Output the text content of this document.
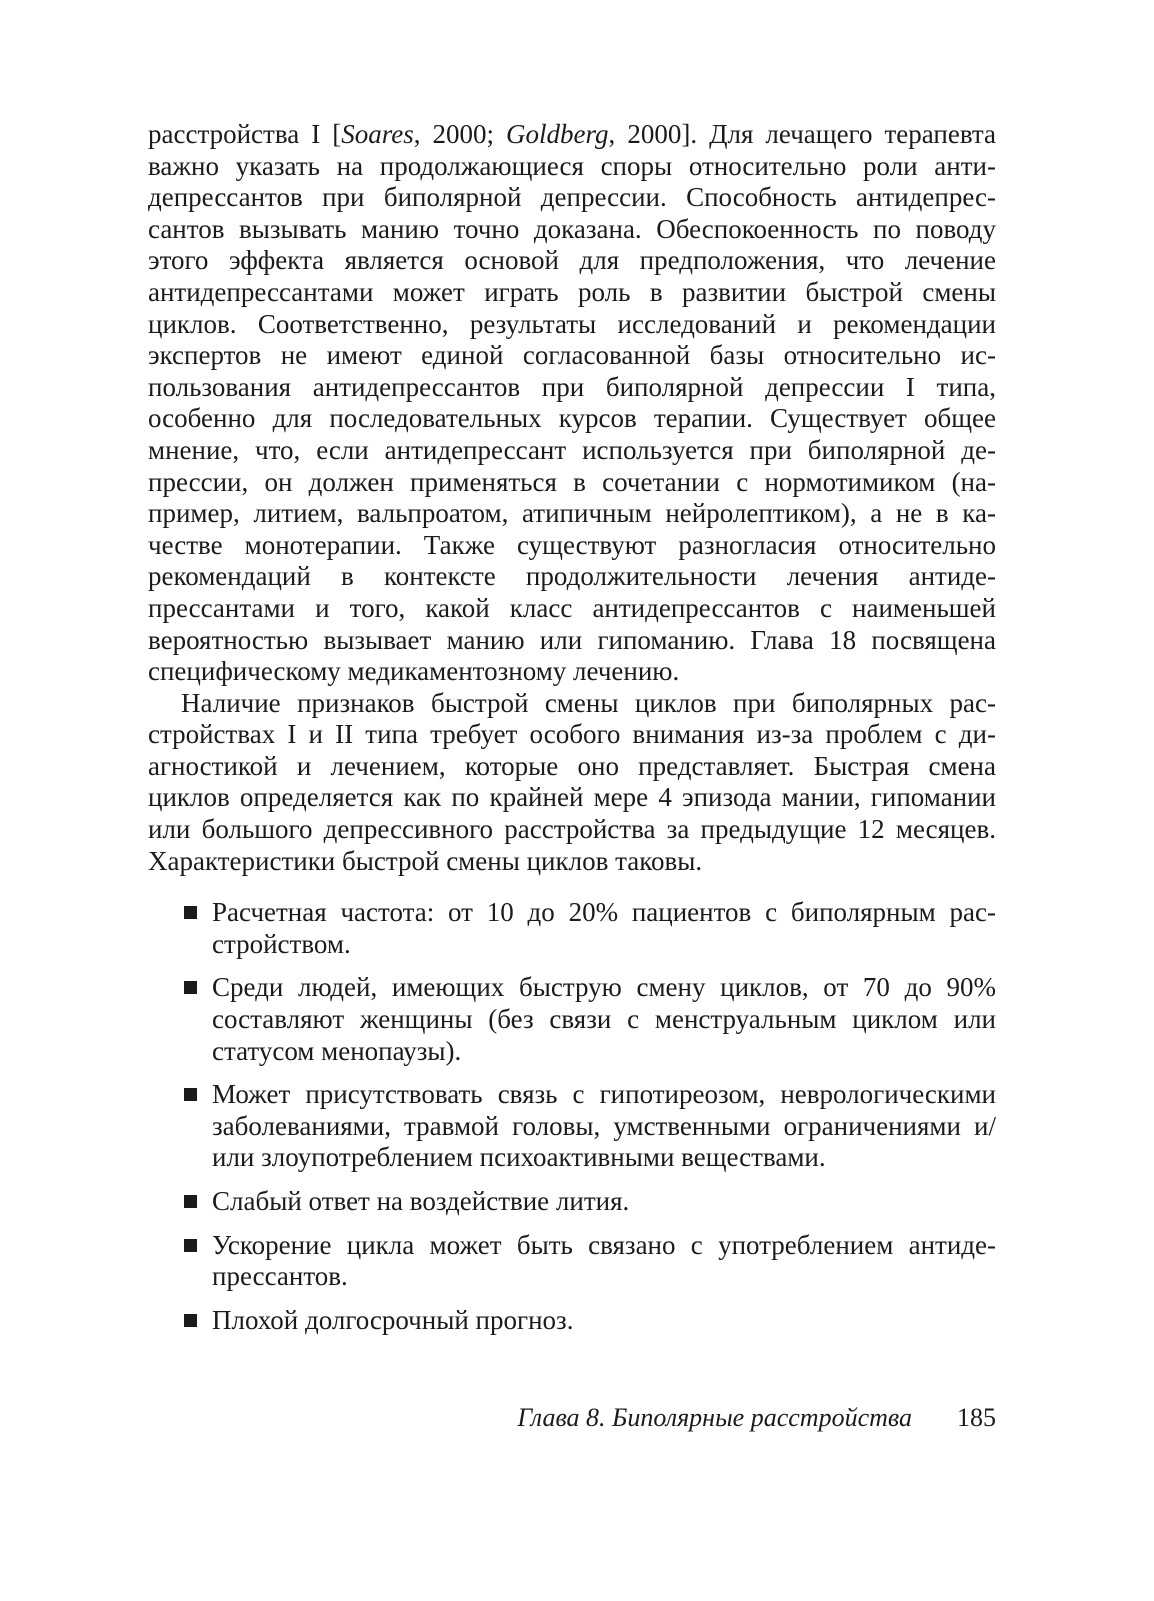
расстройства I [Soares, 2000; Goldberg, 2000]. Для лечащего терапевта важно указать на продолжающиеся споры относительно роли антидепрессантов при биполярной депрессии. Способность антидепрессантов вызывать манию точно доказана. Обеспокоенность по поводу этого эффекта является основой для предположения, что лечение антидепрессантами может играть роль в развитии быстрой смены циклов. Соответственно, результаты исследований и рекомендации экспертов не имеют единой согласованной базы относительно использования антидепрессантов при биполярной депрессии I типа, особенно для последовательных курсов терапии. Существует общее мнение, что, если антидепрессант используется при биполярной депрессии, он должен применяться в сочетании с нормотимиком (например, литием, вальпроатом, атипичным нейролептиком), а не в качестве монотерапии. Также существуют разногласия относительно рекомендаций в контексте продолжительности лечения антидепрессантами и того, какой класс антидепрессантов с наименьшей вероятностью вызывает манию или гипоманию. Глава 18 посвящена специфическому медикаментозному лечению.

Наличие признаков быстрой смены циклов при биполярных расстройствах I и II типа требует особого внимания из-за проблем с диагностикой и лечением, которые оно представляет. Быстрая смена циклов определяется как по крайней мере 4 эпизода мании, гипомании или большого депрессивного расстройства за предыдущие 12 месяцев. Характеристики быстрой смены циклов таковы.

Расчетная частота: от 10 до 20% пациентов с биполярным расстройством.
Среди людей, имеющих быструю смену циклов, от 70 до 90% составляют женщины (без связи с менструальным циклом или статусом менопаузы).
Может присутствовать связь с гипотиреозом, неврологическими заболеваниями, травмой головы, умственными ограничениями и/или злоупотреблением психоактивными веществами.
Слабый ответ на воздействие лития.
Ускорение цикла может быть связано с употреблением антидепрессантов.
Плохой долгосрочный прогноз.
Глава 8. Биполярные расстройства 185
